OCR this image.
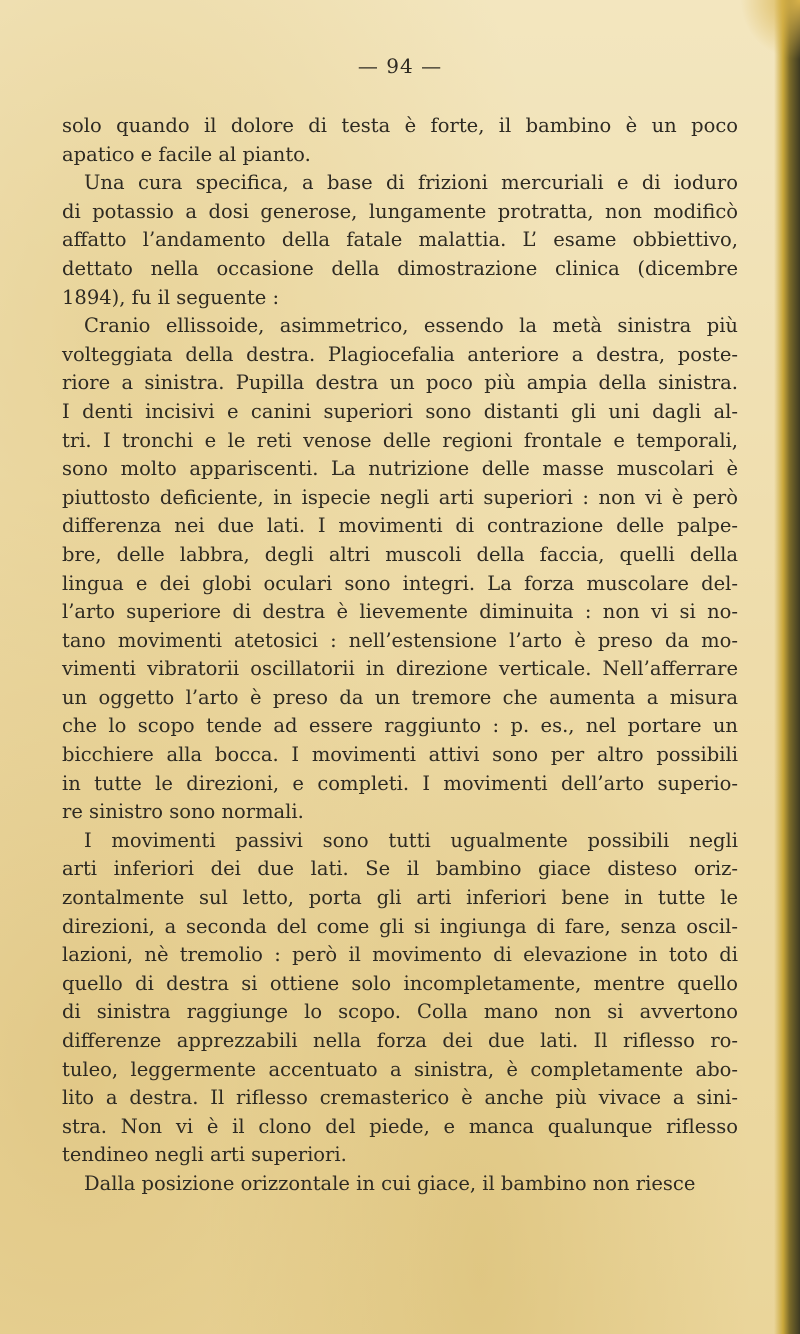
— 94 —

solo quando il dolore di testa è forte, il bambino è un poco
apatico e facile al pianto.

Una cura specifica, a base di frizioni mercuriali e di ioduro
di potassio a dosi generose, lungamente protratta, non modificò
affatto l’andamento della fatale malattia. L’ esame obbiettivo,
dettato nella occasione della dimostrazione clinica (dicembre
1894), fu il seguente :

Cranio ellissoide, asimmetrico, essendo la metà sinistra più
volteggiata della destra. Plagiocefalia anteriore a destra, poste-
riore a sinistra. Pupilla destra un poco più ampia della sinistra.
I denti incisivi e canini superiori sono distanti gli uni dagli al-
tri. I tronchi e le reti venose delle regioni frontale e temporali,
sono molto appariscenti. La nutrizione delle masse muscolari è
piuttosto deficiente, in ispecie negli arti superiori : non vi è però
differenza nei due lati. I movimenti di contrazione delle palpe-
bre, delle labbra, degli altri muscoli della faccia, quelli della
lingua e dei globi oculari sono integri. La forza muscolare del-
l’arto superiore di destra è lievemente diminuita : non vi si no-
tano movimenti atetosici : nell’estensione l’arto è preso da mo-
vimenti vibratorii oscillatorii in direzione verticale. Nell’afferrare
un oggetto l’arto è preso da un tremore che aumenta a misura
che lo scopo tende ad essere raggiunto : p. es., nel portare un
bicchiere alla bocca. I movimenti attivi sono per altro possibili
in tutte le direzioni, e completi. I movimenti dell’arto superio-
re sinistro sono normali.

I movimenti passivi sono tutti ugualmente possibili negli
arti inferiori dei due lati. Se il bambino giace disteso oriz-
zontalmente sul letto, porta gli arti inferiori bene in tutte le
direzioni, a seconda del come gli si ingiunga di fare, senza oscil-
lazioni, nè tremolio : però il movimento di elevazione in toto di
quello di destra si ottiene solo incompletamente, mentre quello
di sinistra raggiunge lo scopo. Colla mano non si avvertono
differenze apprezzabili nella forza dei due lati. Il riflesso ro-
tuleo, leggermente accentuato a sinistra, è completamente abo-
lito a destra. Il riflesso cremasterico è anche più vivace a sini-
stra. Non vi è il clono del piede, e manca qualunque riflesso
tendineo negli arti superiori.

Dalla posizione orizzontale in cui giace, il bambino non riesce
